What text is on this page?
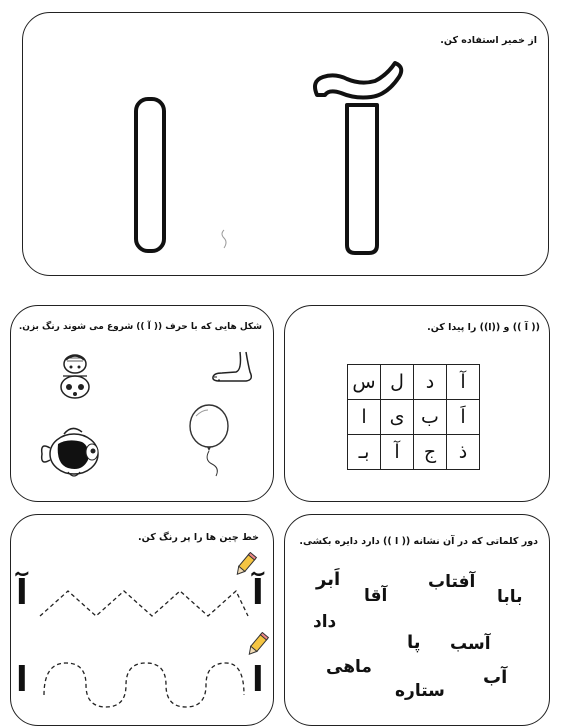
از خمیر استفاده کن.
شکل هایی که با حرف (( آ )) شروع می شوند رنگ بزن.	(( آ )) و ((ا)) را پیدا کن.
آ	د	ل	س
اَ	ب	ی	ا
ذ	ج	آ	بـ
خط چین ها را پر رنگ کن.
آ	آ
ا	ا
دور کلماتی که در آن نشانه (( ا )) دارد دایره بکشی.
اَبر	آفتاب
آقا	بابا
داد
پا آسب
ماهی	آب
ستاره
